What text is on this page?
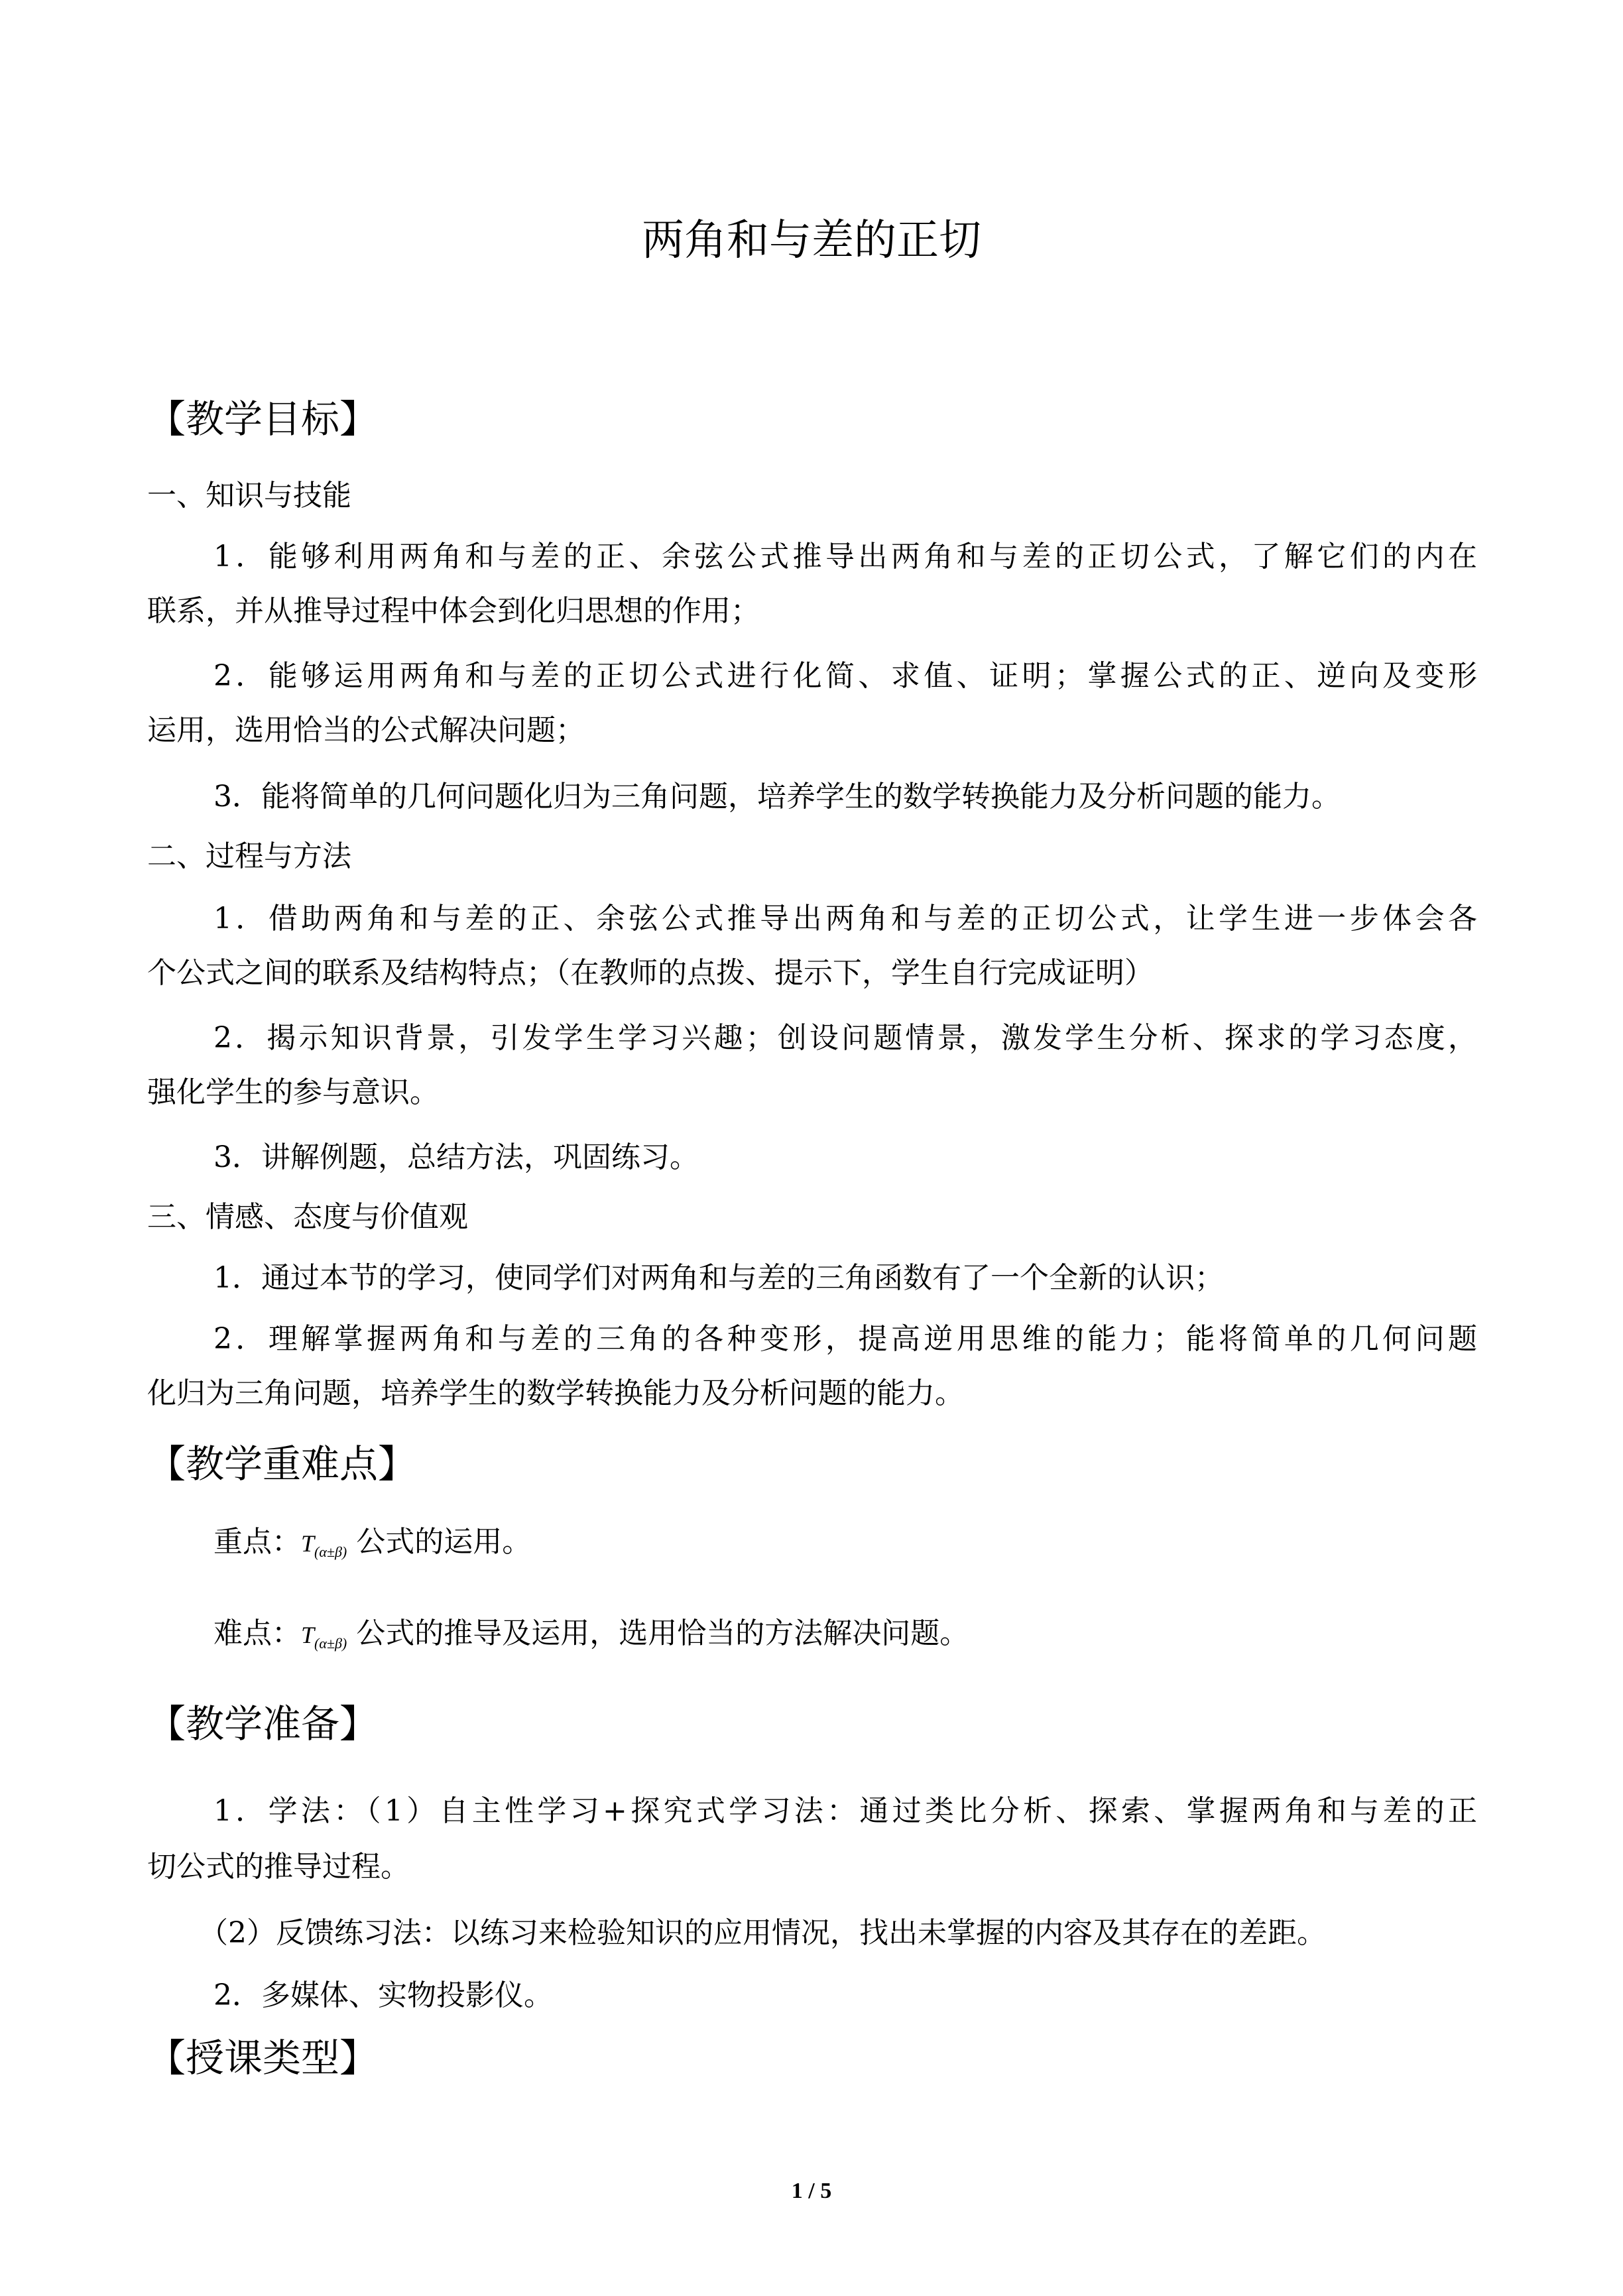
两角和与差的正切
【教学目标】
一、知识与技能
1．能够利用两角和与差的正、余弦公式推导出两角和与差的正切公式，了解它们的内在
联系，并从推导过程中体会到化归思想的作用；
2．能够运用两角和与差的正切公式进行化简、求值、证明；掌握公式的正、逆向及变形
运用，选用恰当的公式解决问题；
3．能将简单的几何问题化归为三角问题，培养学生的数学转换能力及分析问题的能力。
二、过程与方法
1．借助两角和与差的正、余弦公式推导出两角和与差的正切公式，让学生进一步体会各
个公式之间的联系及结构特点；（在教师的点拨、提示下，学生自行完成证明）
2．揭示知识背景，引发学生学习兴趣；创设问题情景，激发学生分析、探求的学习态度，
强化学生的参与意识。
3．讲解例题，总结方法，巩固练习。
三、情感、态度与价值观
1．通过本节的学习，使同学们对两角和与差的三角函数有了一个全新的认识；
2．理解掌握两角和与差的三角的各种变形，提高逆用思维的能力；能将简单的几何问题
化归为三角问题，培养学生的数学转换能力及分析问题的能力。
【教学重难点】
重点：$T_{(\alpha\pm\beta)}$ 公式的运用。
难点：$T_{(\alpha\pm\beta)}$ 公式的推导及运用，选用恰当的方法解决问题。
【教学准备】
1．学法：（1）自主性学习+探究式学习法：通过类比分析、探索、掌握两角和与差的正
切公式的推导过程。
（2）反馈练习法：以练习来检验知识的应用情况，找出未掌握的内容及其存在的差距。
2．多媒体、实物投影仪。
【授课类型】
1 / 5
